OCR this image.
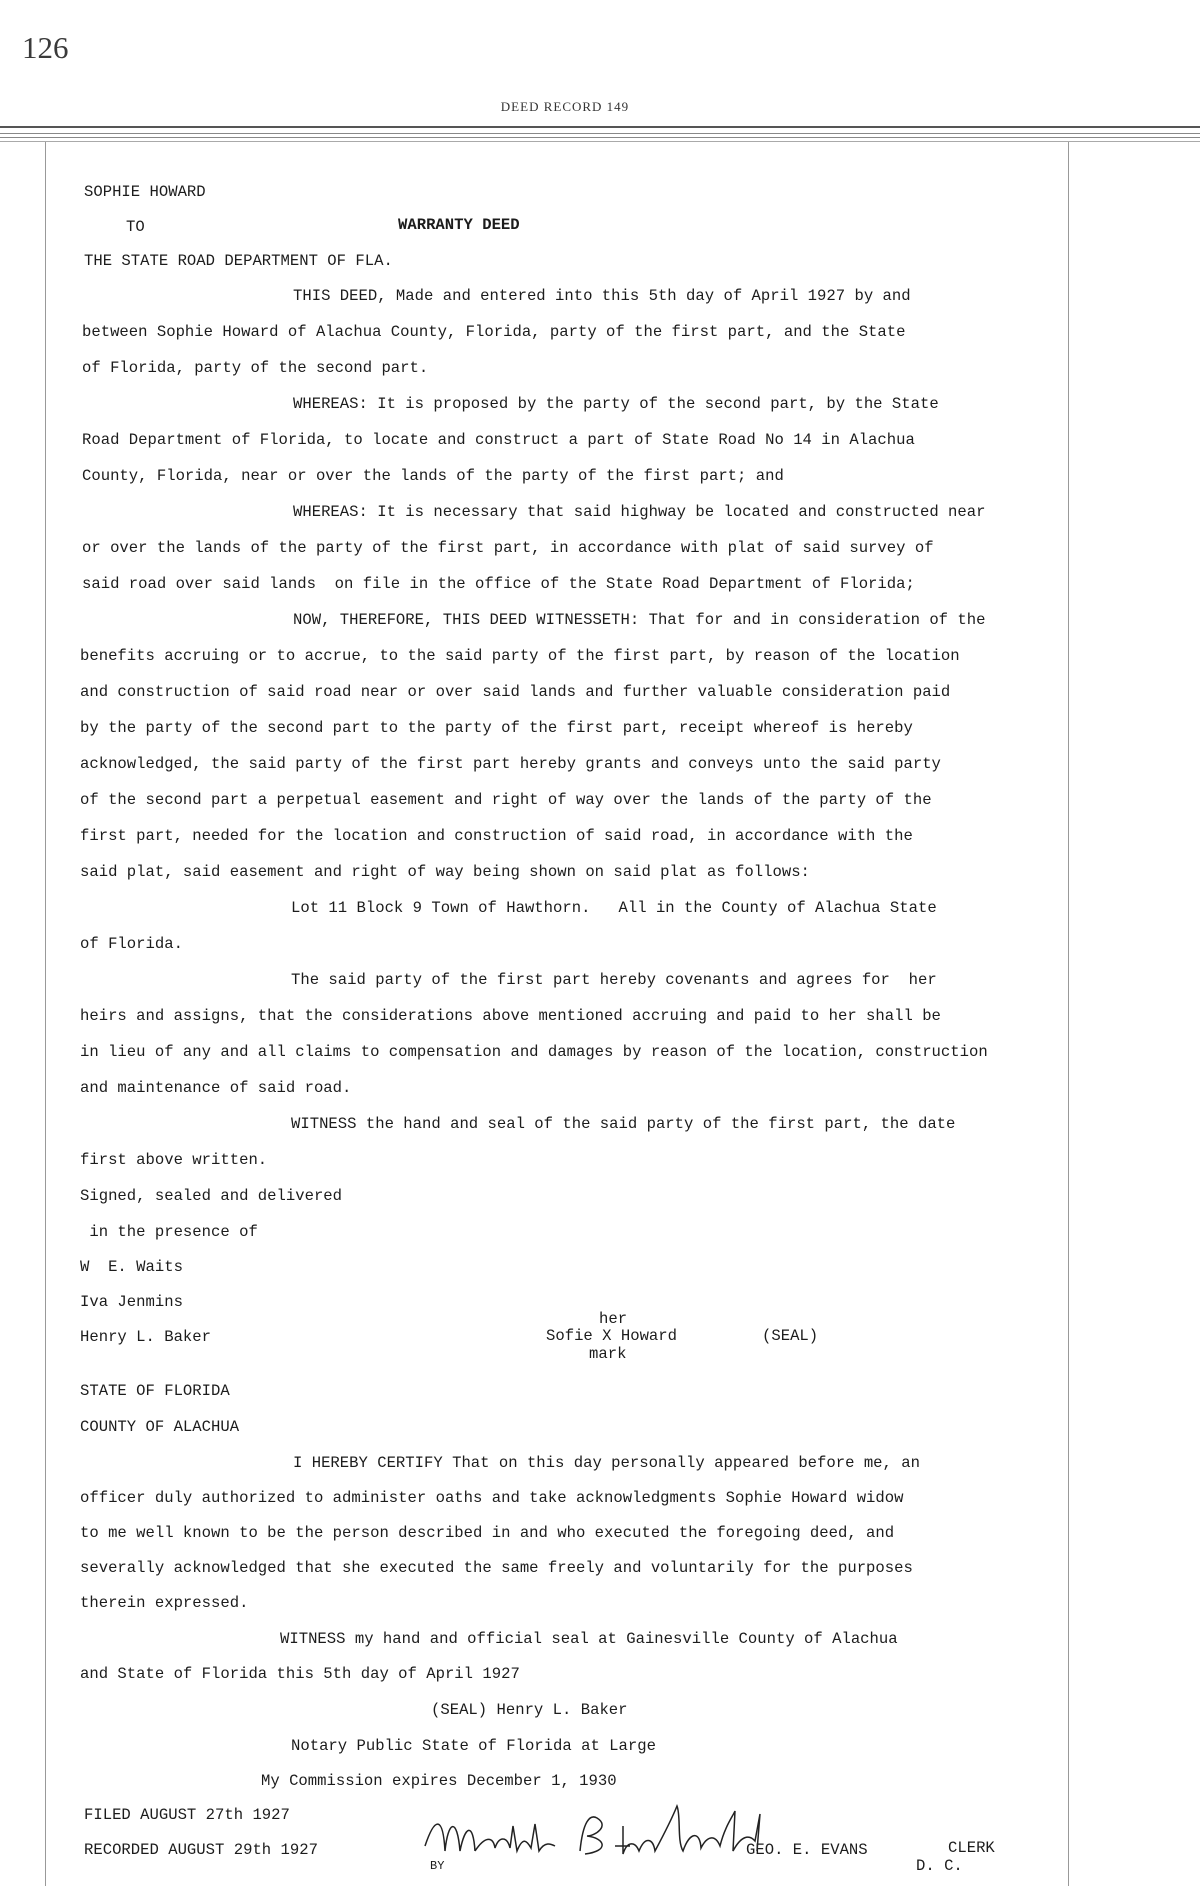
126
DEED RECORD 149
SOPHIE HOWARD
TO	WARRANTY DEED
THE STATE ROAD DEPARTMENT OF FLA.
THIS DEED, Made and entered into this 5th day of April 1927 by and
between Sophie Howard of Alachua County, Florida, party of the first part, and the State
of Florida, party of the second part.
WHEREAS: It is proposed by the party of the second part, by the State
Road Department of Florida, to locate and construct a part of State Road No 14 in Alachua
County, Florida, near or over the lands of the party of the first part; and
WHEREAS: It is necessary that said highway be located and constructed near
or over the lands of the party of the first part, in accordance with plat of said survey of
said road over said lands  on file in the office of the State Road Department of Florida;
NOW, THEREFORE, THIS DEED WITNESSETH: That for and in consideration of the
benefits accruing or to accrue, to the said party of the first part, by reason of the location
and construction of said road near or over said lands and further valuable consideration paid
by the party of the second part to the party of the first part, receipt whereof is hereby
acknowledged, the said party of the first part hereby grants and conveys unto the said party
of the second part a perpetual easement and right of way over the lands of the party of the
first part, needed for the location and construction of said road, in accordance with the
said plat, said easement and right of way being shown on said plat as follows:
Lot 11 Block 9 Town of Hawthorn.   All in the County of Alachua State
of Florida.
The said party of the first part hereby covenants and agrees for  her
heirs and assigns, that the considerations above mentioned accruing and paid to her shall be
in lieu of any and all claims to compensation and damages by reason of the location, construction
and maintenance of said road.
WITNESS the hand and seal of the said party of the first part, the date
first above written.
Signed, sealed and delivered
in the presence of
W  E. Waits
Iva Jenmins
Henry L. Baker
her
Sofie X Howard
mark
(SEAL)
STATE OF FLORIDA
COUNTY OF ALACHUA
I HEREBY CERTIFY That on this day personally appeared before me, an
officer duly authorized to administer oaths and take acknowledgments Sophie Howard widow
to me well known to be the person described in and who executed the foregoing deed, and
severally acknowledged that she executed the same freely and voluntarily for the purposes
therein expressed.
WITNESS my hand and official seal at Gainesville County of Alachua
and State of Florida this 5th day of April 1927
(SEAL) Henry L. Baker
Notary Public State of Florida at Large
My Commission expires December 1, 1930
FILED AUGUST 27th 1927
RECORDED AUGUST 29th 1927
BY
GEO. E. EVANS	CLERK
D. C.
